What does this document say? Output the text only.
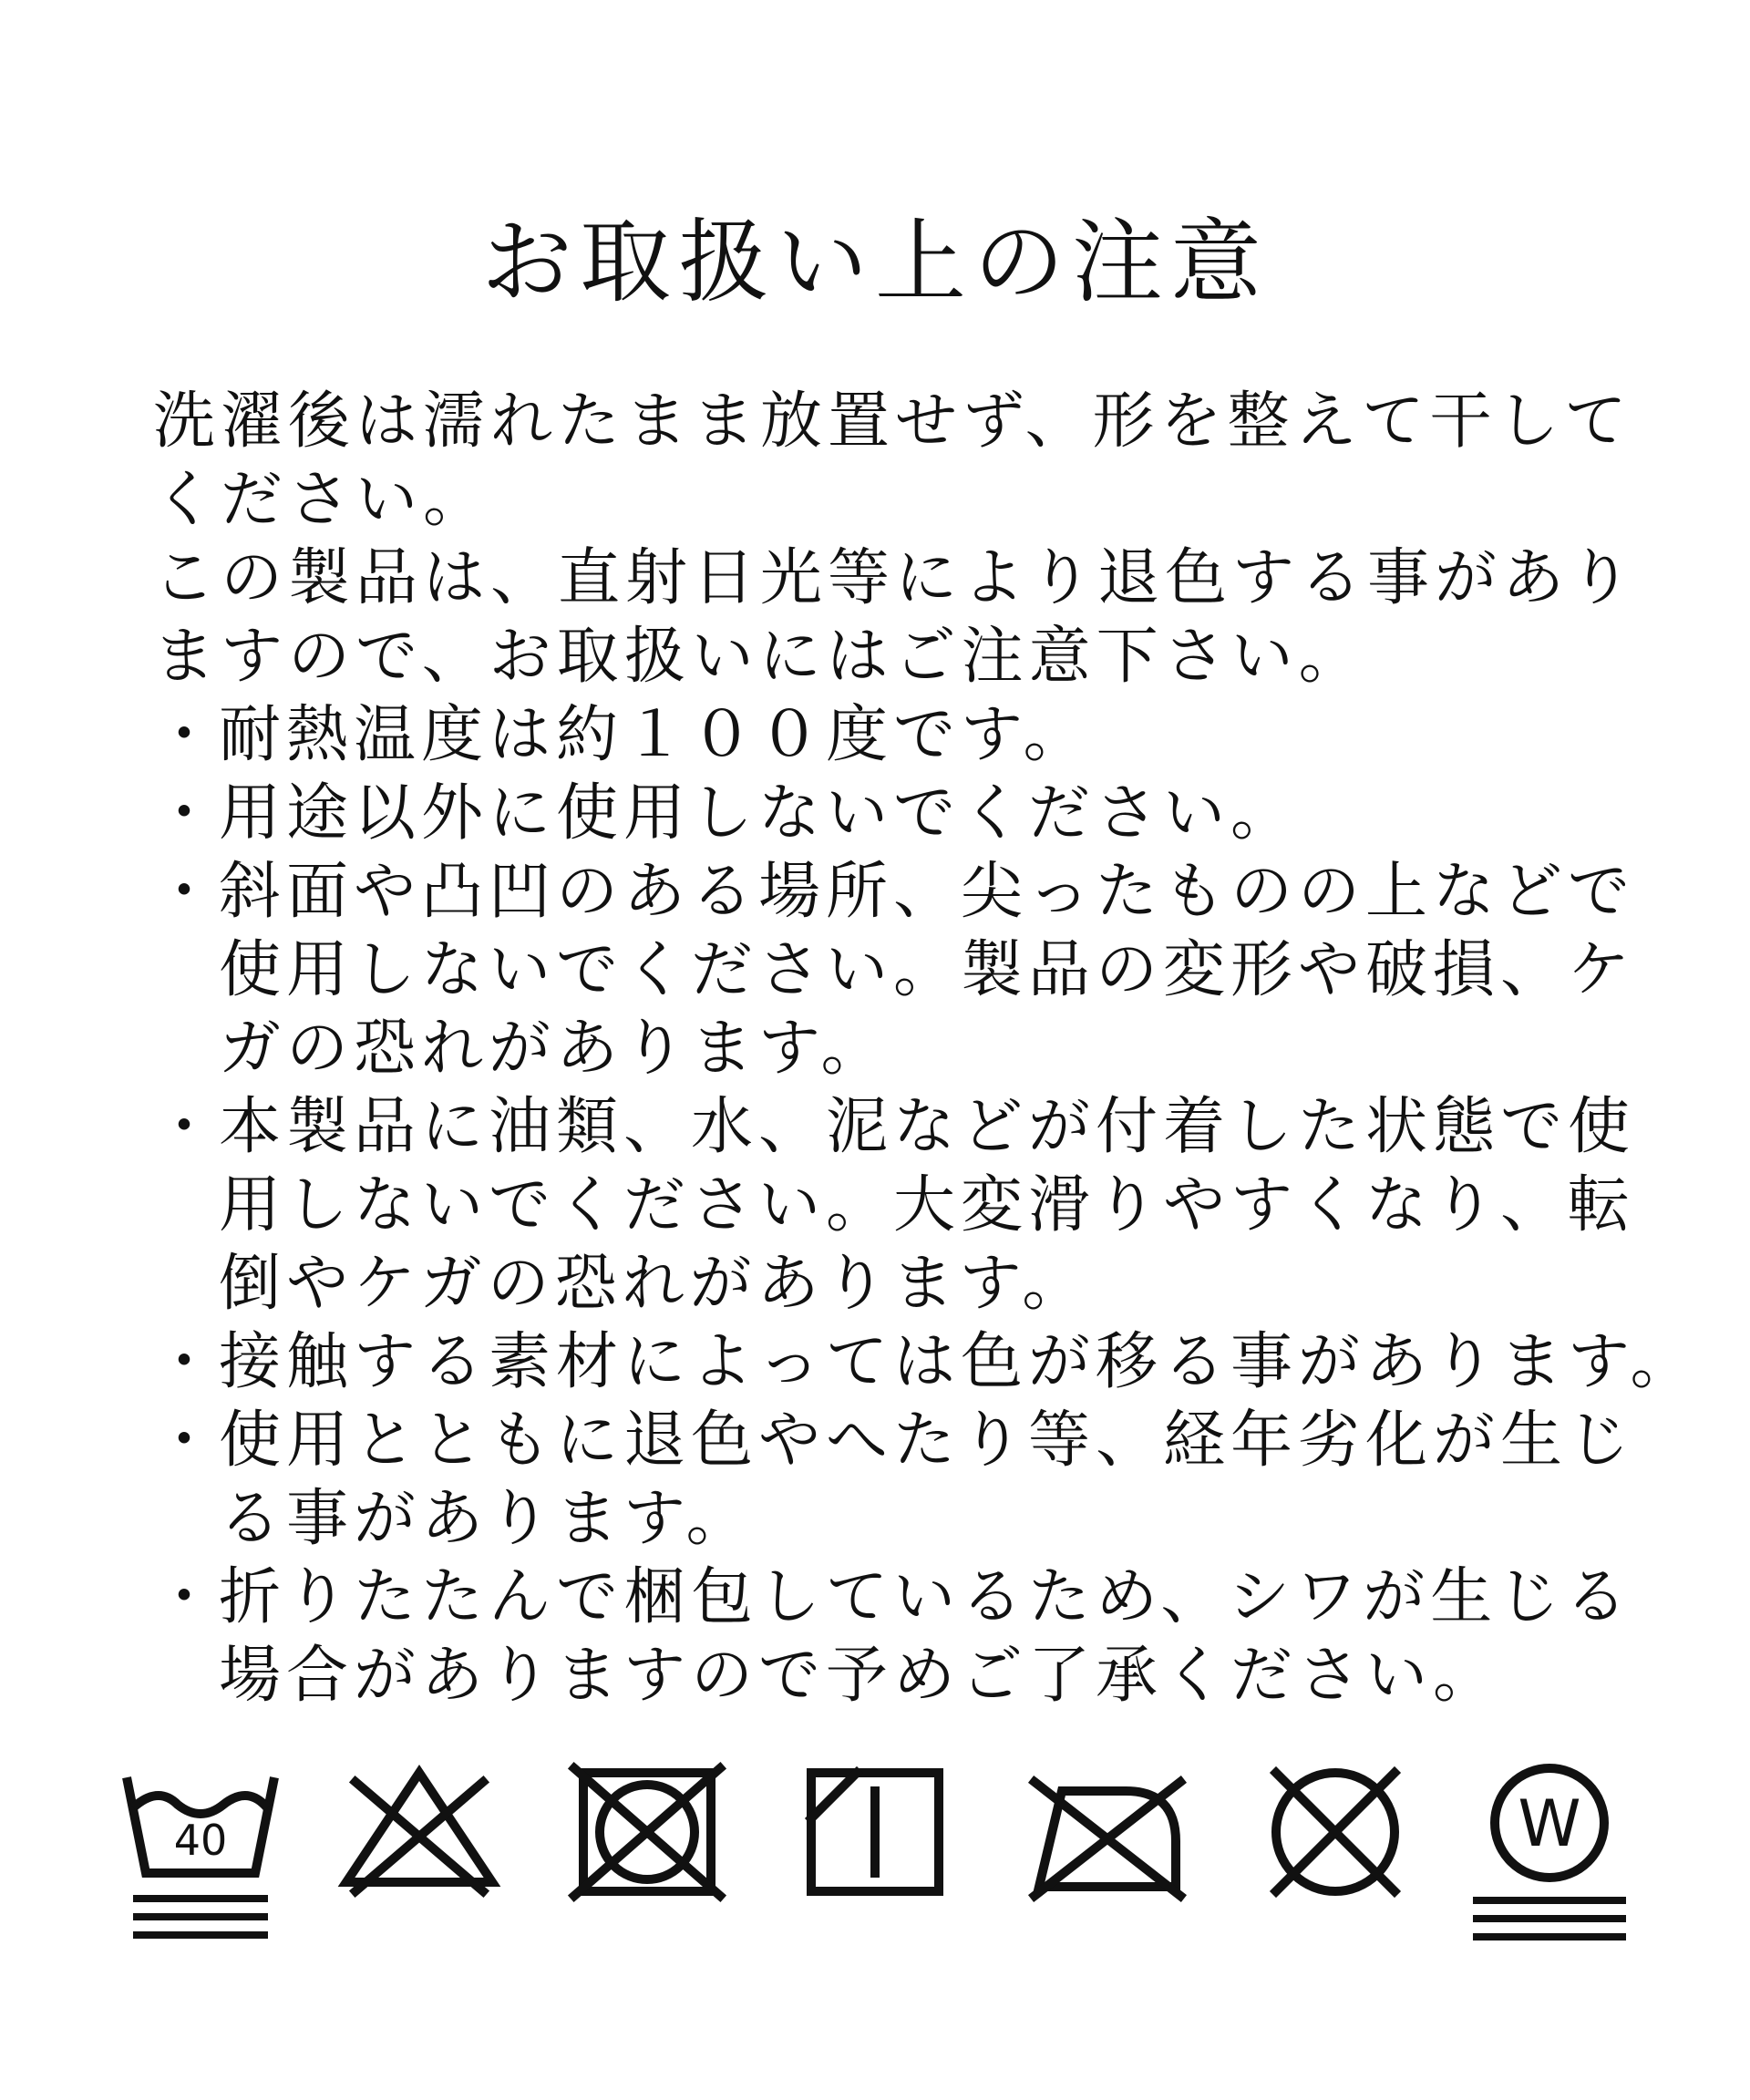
お取扱い上の注意

洗濯後は濡れたまま放置せず、形を整えて干して
ください。

この製品は、直射日光等により退色する事があり
ますので、お取扱いにはご注意下さい。

・
耐熱温度は約１００度です。
・
用途以外に使用しないでください。
・
斜面や凸凹のある場所、尖ったものの上などで
使用しないでください。製品の変形や破損、ケ
ガの恐れがあります。
・
本製品に油類、水、泥などが付着した状態で使
用しないでください。大変滑りやすくなり、転
倒やケガの恐れがあります。
・
接触する素材によっては色が移る事があります。
・
使用とともに退色やへたり等、経年劣化が生じ
る事があります。
・
折りたたんで梱包しているため、シワが生じる
場合がありますので予めご了承ください。
40	W
